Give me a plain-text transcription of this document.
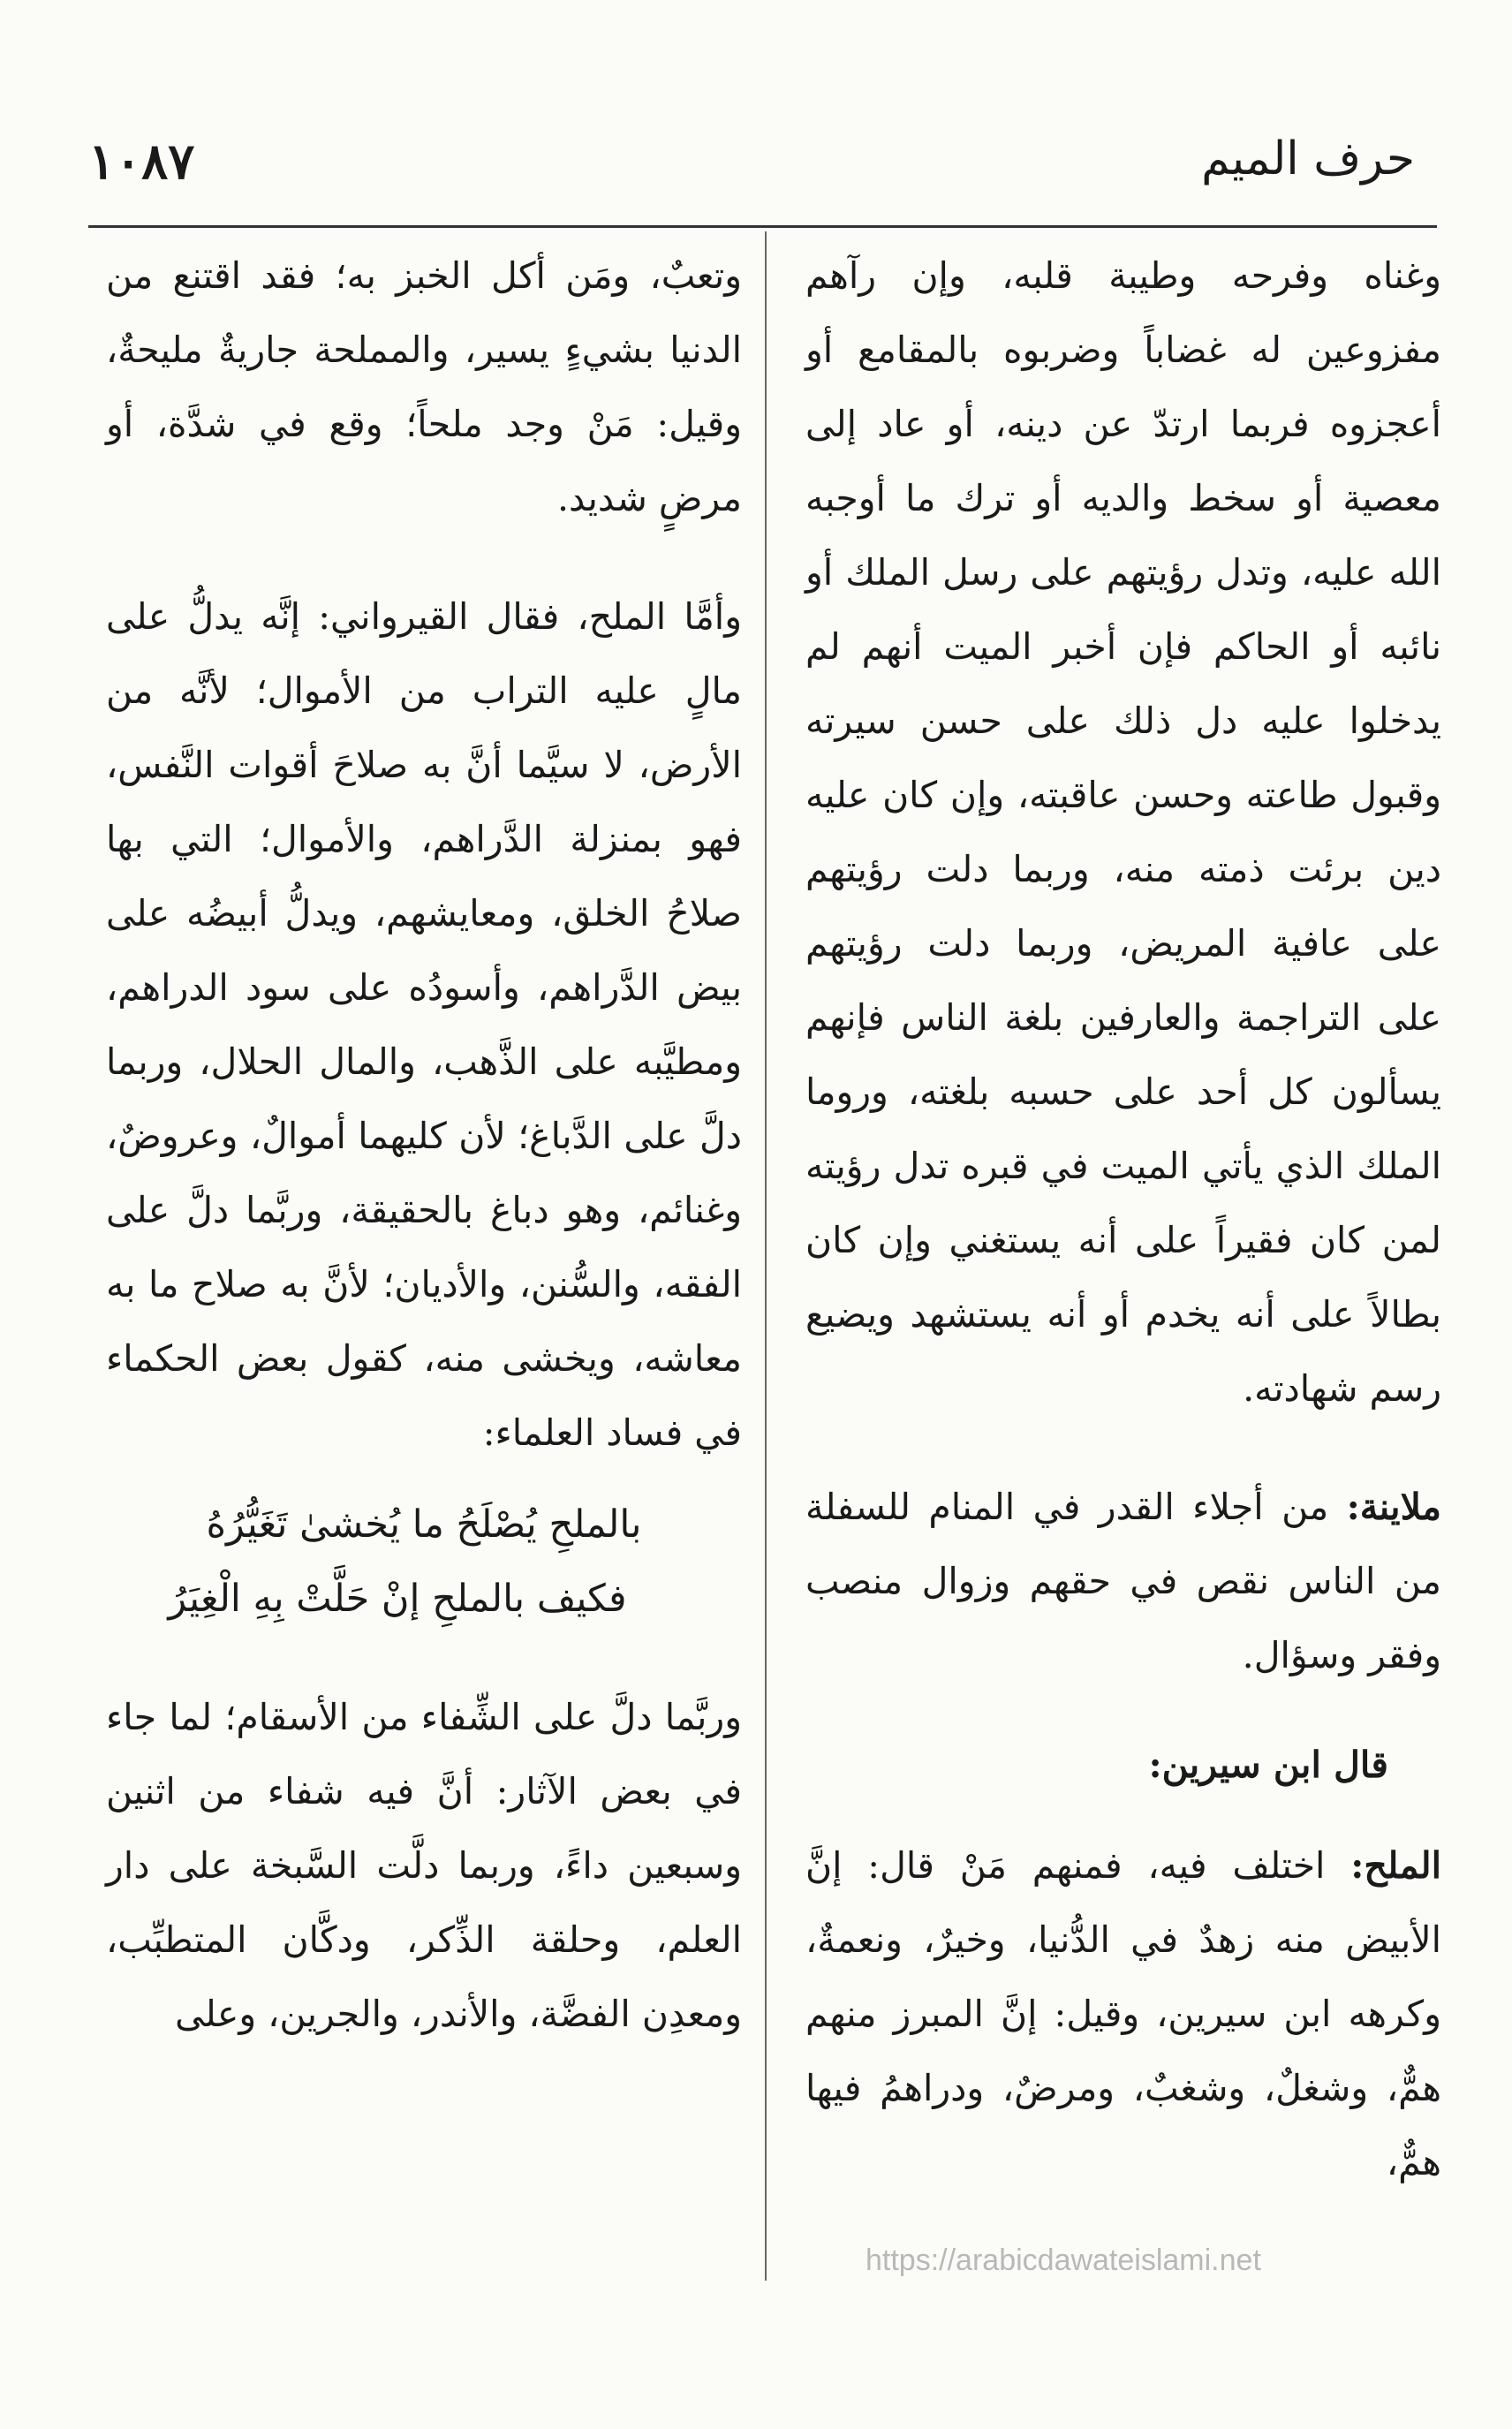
١٠٨٧	حرف الميم

وغناه وفرحه وطيبة قلبه، وإن رآهم مفزوعين له غضاباً وضربوه بالمقامع أو أعجزوه فربما ارتدّ عن دينه، أو عاد إلى معصية أو سخط والديه أو ترك ما أوجبه الله عليه، وتدل رؤيتهم على رسل الملك أو نائبه أو الحاكم فإن أخبر الميت أنهم لم يدخلوا عليه دل ذلك على حسن سيرته وقبول طاعته وحسن عاقبته، وإن كان عليه دين برئت ذمته منه، وربما دلت رؤيتهم على عافية المريض، وربما دلت رؤيتهم على التراجمة والعارفين بلغة الناس فإنهم يسألون كل أحد على حسبه بلغته، وروما الملك الذي يأتي الميت في قبره تدل رؤيته لمن كان فقيراً على أنه يستغني وإن كان بطالاً على أنه يخدم أو أنه يستشهد ويضيع رسم شهادته.

ملاينة: من أجلاء القدر في المنام للسفلة من الناس نقص في حقهم وزوال منصب وفقر وسؤال.

قال ابن سيرين:

الملح: اختلف فيه، فمنهم مَنْ قال: إنَّ الأبيض منه زهدٌ في الدُّنيا، وخيرٌ، ونعمةٌ، وكرهه ابن سيرين، وقيل: إنَّ المبرز منهم همٌّ، وشغلٌ، وشغبٌ، ومرضٌ، ودراهمُ فيها همٌّ،

وتعبٌ، ومَن أكل الخبز به؛ فقد اقتنع من الدنيا بشيءٍ يسير، والمملحة جاريةٌ مليحةٌ، وقيل: مَنْ وجد ملحاً؛ وقع في شدَّة، أو مرضٍ شديد.

وأمَّا الملح، فقال القيرواني: إنَّه يدلُّ على مالٍ عليه التراب من الأموال؛ لأنَّه من الأرض، لا سيَّما أنَّ به صلاحَ أقوات النَّفس، فهو بمنزلة الدَّراهم، والأموال؛ التي بها صلاحُ الخلق، ومعايشهم، ويدلُّ أبيضُه على بيض الدَّراهم، وأسودُه على سود الدراهم، ومطيَّبه على الذَّهب، والمال الحلال، وربما دلَّ على الدَّباغ؛ لأن كليهما أموالٌ، وعروضٌ، وغنائم، وهو دباغ بالحقيقة، وربَّما دلَّ على الفقه، والسُّنن، والأديان؛ لأنَّ به صلاح ما به معاشه، ويخشى منه، كقول بعض الحكماء في فساد العلماء:

بالملحِ يُصْلَحُ ما يُخشىٰ تَغَيُّرُهُ
فكيف بالملحِ إنْ حَلَّتْ بِهِ الْغِيَرُ

وربَّما دلَّ على الشِّفاء من الأسقام؛ لما جاء في بعض الآثار: أنَّ فيه شفاء من اثنين وسبعين داءً، وربما دلَّت السَّبخة على دار العلم، وحلقة الذِّكر، ودكَّان المتطبِّب، ومعدِن الفضَّة، والأندر، والجرين، وعلى

https://arabicdawateislami.net
